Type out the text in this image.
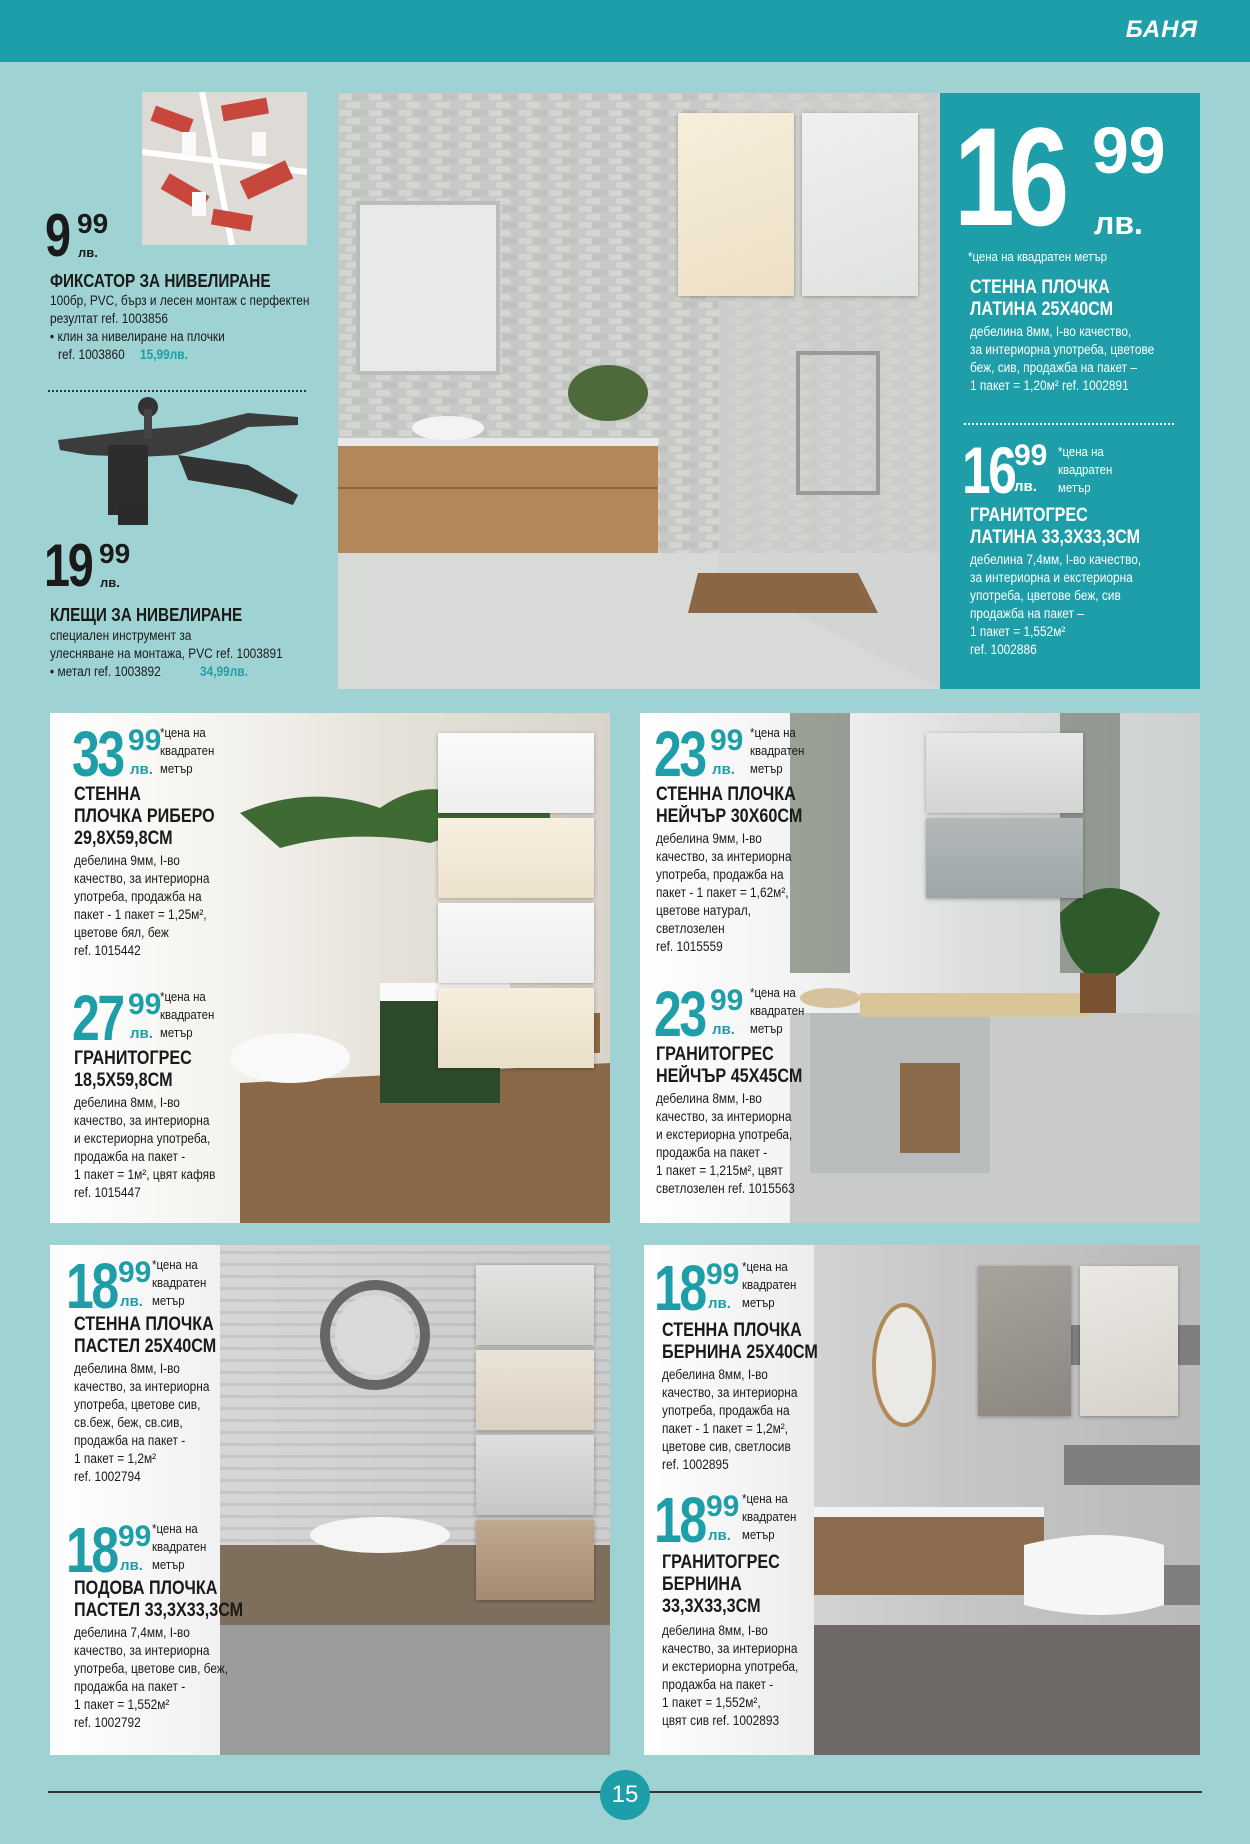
БАНЯ
9 99
лв.
ФИКСАТОР ЗА НИВЕЛИРАНЕ
100бр, PVC, бърз и лесен монтаж с перфектен
резултат ref. 1003856
• клин за нивелиране на плочки
ref. 1003860 15,99лв.
19 99
лв.
КЛЕЩИ ЗА НИВЕЛИРАНЕ
специален инструмент за
улесняване на монтажа, PVC ref. 1003891
• метал ref. 1003892	34,99лв.
16 99
лв.
*цена на квадратен метър
СТЕННА ПЛОЧКА
ЛАТИНА 25Х40СМ
дебелина 8мм, I-во качество,
за интериорна употреба, цветове
беж, сив, продажба на пакет –
1 пакет = 1,20м² ref. 1002891
16 99
лв.
*цена на
квадратен
метър
ГРАНИТОГРЕС
ЛАТИНА 33,3Х33,3СМ
дебелина 7,4мм, I-во качество,
за интериорна и екстериорна
употреба, цветове беж, сив
продажба на пакет –
1 пакет = 1,552м²
ref. 1002886
33 99
лв.
*цена на
квадратен
метър
СТЕННА
ПЛОЧКА РИБЕРО
29,8Х59,8СМ
дебелина 9мм, I-во
качество, за интериорна
употреба, продажба на
пакет - 1 пакет = 1,25м²,
цветове бял, беж
ref. 1015442
27 99
лв.
*цена на
квадратен
метър
ГРАНИТОГРЕС
18,5Х59,8СМ
дебелина 8мм, I-во
качество, за интериорна
и екстериорна употреба,
продажба на пакет -
1 пакет = 1м², цвят кафяв
ref. 1015447
23 99
лв.
*цена на
квадратен
метър
СТЕННА ПЛОЧКА
НЕЙЧЪР 30Х60СМ
дебелина 9мм, I-во
качество, за интериорна
употреба, продажба на
пакет - 1 пакет = 1,62м²,
цветове натурал,
светлозелен
ref. 1015559
23 99
лв.
*цена на
квадратен
метър
ГРАНИТОГРЕС
НЕЙЧЪР 45Х45СМ
дебелина 8мм, I-во
качество, за интериорна
и екстериорна употреба,
продажба на пакет -
1 пакет = 1,215м², цвят
светлозелен ref. 1015563
18 99
лв.
*цена на
квадратен
метър
СТЕННА ПЛОЧКА
ПАСТЕЛ 25Х40СМ
дебелина 8мм, I-во
качество, за интериорна
употреба, цветове сив,
св.беж, беж, св.сив,
продажба на пакет -
1 пакет = 1,2м²
ref. 1002794
18 99
лв.
*цена на
квадратен
метър
ПОДОВА ПЛОЧКА
ПАСТЕЛ 33,3Х33,3СМ
дебелина 7,4мм, I-во
качество, за интериорна
употреба, цветове сив, беж,
продажба на пакет -
1 пакет = 1,552м²
ref. 1002792
18 99
лв.
*цена на
квадратен
метър
СТЕННА ПЛОЧКА
БЕРНИНА 25Х40СМ
дебелина 8мм, I-во
качество, за интериорна
употреба, продажба на
пакет - 1 пакет = 1,2м²,
цветове сив, светлосив
ref. 1002895
18 99
лв.
*цена на
квадратен
метър
ГРАНИТОГРЕС
БЕРНИНА
33,3Х33,3СМ
дебелина 8мм, I-во
качество, за интериорна
и екстериорна употреба,
продажба на пакет -
1 пакет = 1,552м²,
цвят сив ref. 1002893
15
